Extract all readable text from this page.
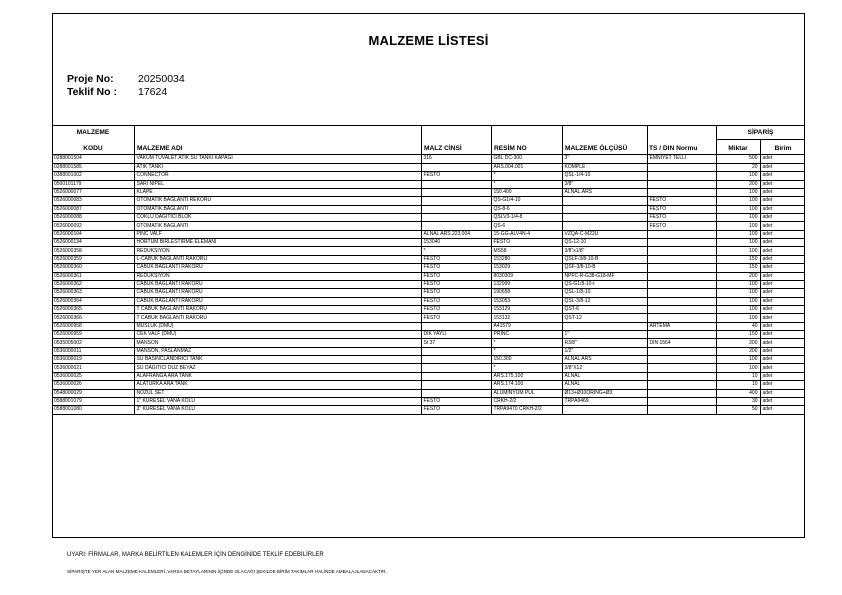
MALZEME LİSTESİ
Proje No: 20250034
Teklif No : 17624
MALZEME
KODU	MALZEME ADI	MALZ CİNSİ	RESİM NO	MALZEME ÖLÇÜSÜ	TS / DIN Normu
SİPARİŞ
Miktar	Birim
0288001504	VAKUM TUVALET ATIK SU TANKI KAPAGI	316	GBL DC-300	3"	EMNIYET TELLI	500	adet
0288001585	ATIK TANKI		ARS.004.001	KOMPLE		20	adet
0388001002	CONNECTOR	FESTO	*	QSL-1/4-10		100	adet
0500101179	SARI NIPEL		*	3/8"		200	adet
0526000077	KLAPE		150.400	ALNAL.ARS		100	adet
0526000083	OTOMATIK BAGLANTI REKORU		QS-G1/4-10		FESTO	100	adet
0526000087	OTOMATIK BAGLANTI		QS-8-6		FESTO	100	adet
0526000088	COKLU DAGITICI BLOK		QSLV3-1/4-8		FESTO	100	adet
0526000092	OTOMATIK BAGLANTI		QS-6		FESTO	100	adet
0526000104	PINC VALF	ALNAL ARS.223.004	15-GG-ALV4N-4	VZQA-C-M22U		100	adet
0526000134	HORTUM BIRLESTIRME ELEMANI	153040	FESTO	QS-12-10		100	adet
0526000358	REDUKSIYON	*	MS58	3/8"x1/8"		100	adet
0526000359	L-CABUK BAGLANTI RAKORU	FESTO	153280	QSLF-3/8-10-B		150	adet
0526000360	CABUK BAGLANTI RAKORU	FESTO	153029	QSF-3/8-10-B		150	adet
0526000361	REDUKSIYON	FESTO	8030309	NPFC-R-G38-G18-MF		200	adet
0526000362	CABUK BAGLANTI RAKORU	FESTO	132999	QS-G1/8-10-I		100	adet
0526000363	CABUK BAGLANTI RAKORU	FESTO	190658	QSL-1/8-10		100	adet
0526000364	CABUK BAGLANTI RAKORU	FESTO	153053	QSL-3/8-12		100	adet
0526000365	T CABUK BAGLANTI RAKORU	FESTO	153129	QST-6		100	adet
0526000366	T CABUK BAGLANTI RAKORU	FESTO	153132	QST-12		100	adet
0526000958	MUSLUK (DMU)		A41579		ARTEMA	40	adet
0526000959	CEK VALF (DMU)	DIK YAYLI	PRINC	1"		150	adet
0535005002	MANSON	St 37	*	R3/8"	DIN 1564	200	adet
0536000011	MANSON, PASLANMAZ		*	1/2"		200	adet
0536000019	SU BASINCLANDIRICI TANK		150.300	ALNAL ARS		100	adet
0536000021	SU DAGITICI DUZ BEYAZ		*	3/8"X12		100	adet
0536000025	ALAFRANGA ARA TANK		ARS.175.100	ALNAL		10	adet
0536000026	ALATURKA ARA TANK		ARS.174.100	ALNAL		10	adet
0548000029	NOZUL SET		ALUMINYUM PUL	Ø13+Ø10ORING+Ø3		400	adet
0588001079	1" KURESEL VANA KOLU	FESTO	CRKH-2/2	TRPA9469		30	adet
0588001080	3" KURESEL VANA KOLU	FESTO	TRPA9470 CRKH-2/2			50	adet
UYARI: FİRMALAR, MARKA BELİRTİLEN KALEMLER İÇİN DENGİNİDE TEKLİF EDEBİLİRLER
SİPARİŞTE YER ALAN MALZEME KALEMLERİ, VARSA DETAYLARININ İÇİNDE OLACAĞI ŞEKİLDE BİRİM TAKIMLAR HALİNDE AMBALAJLANACAKTIR.
